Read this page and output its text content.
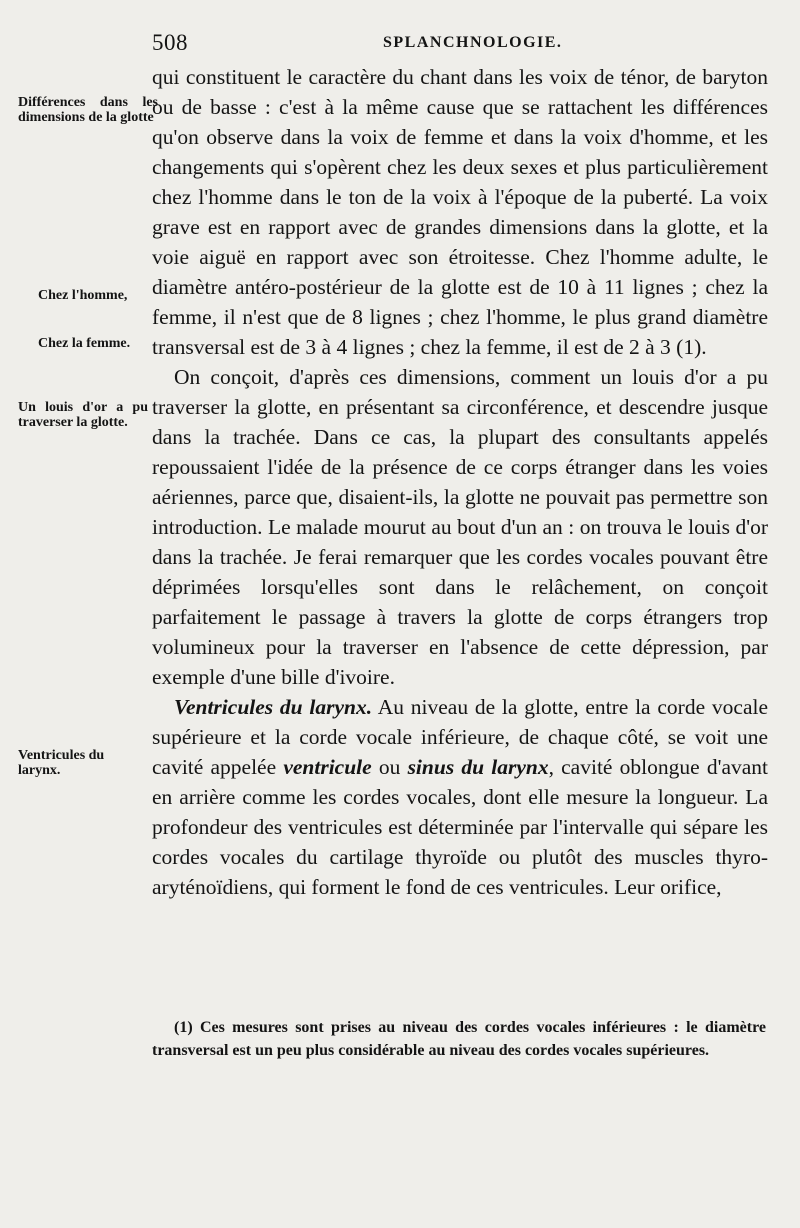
508	SPLANCHNOLOGIE.
Différences dans les dimensions de la glotte
Chez l'homme,
Chez la femme.
Un louis d'or a pu traverser la glotte.
Ventricules du larynx.

qui constituent le caractère du chant dans les voix de ténor, de baryton ou de basse : c'est à la même cause que se rattachent les différences qu'on observe dans la voix de femme et dans la voix d'homme, et les changements qui s'opèrent chez les deux sexes et plus particulièrement chez l'homme dans le ton de la voix à l'époque de la puberté. La voix grave est en rapport avec de grandes dimensions dans la glotte, et la voie aiguë en rapport avec son étroitesse. Chez l'homme adulte, le diamètre antéro-postérieur de la glotte est de 10 à 11 lignes ; chez la femme, il n'est que de 8 lignes ; chez l'homme, le plus grand diamètre transversal est de 3 à 4 lignes ; chez la femme, il est de 2 à 3 (1).

On conçoit, d'après ces dimensions, comment un louis d'or a pu traverser la glotte, en présentant sa circonférence, et descendre jusque dans la trachée. Dans ce cas, la plupart des consultants appelés repoussaient l'idée de la présence de ce corps étranger dans les voies aériennes, parce que, disaient-ils, la glotte ne pouvait pas permettre son introduction. Le malade mourut au bout d'un an : on trouva le louis d'or dans la trachée. Je ferai remarquer que les cordes vocales pouvant être déprimées lorsqu'elles sont dans le relâchement, on conçoit parfaitement le passage à travers la glotte de corps étrangers trop volumineux pour la traverser en l'absence de cette dépression, par exemple d'une bille d'ivoire.

Ventricules du larynx. Au niveau de la glotte, entre la corde vocale supérieure et la corde vocale inférieure, de chaque côté, se voit une cavité appelée ventricule ou sinus du larynx, cavité oblongue d'avant en arrière comme les cordes vocales, dont elle mesure la longueur. La profondeur des ventricules est déterminée par l'intervalle qui sépare les cordes vocales du cartilage thyroïde ou plutôt des muscles thyro-aryténoïdiens, qui forment le fond de ces ventricules. Leur orifice,

(1) Ces mesures sont prises au niveau des cordes vocales inférieures : le diamètre transversal est un peu plus considérable au niveau des cordes vocales supérieures.
